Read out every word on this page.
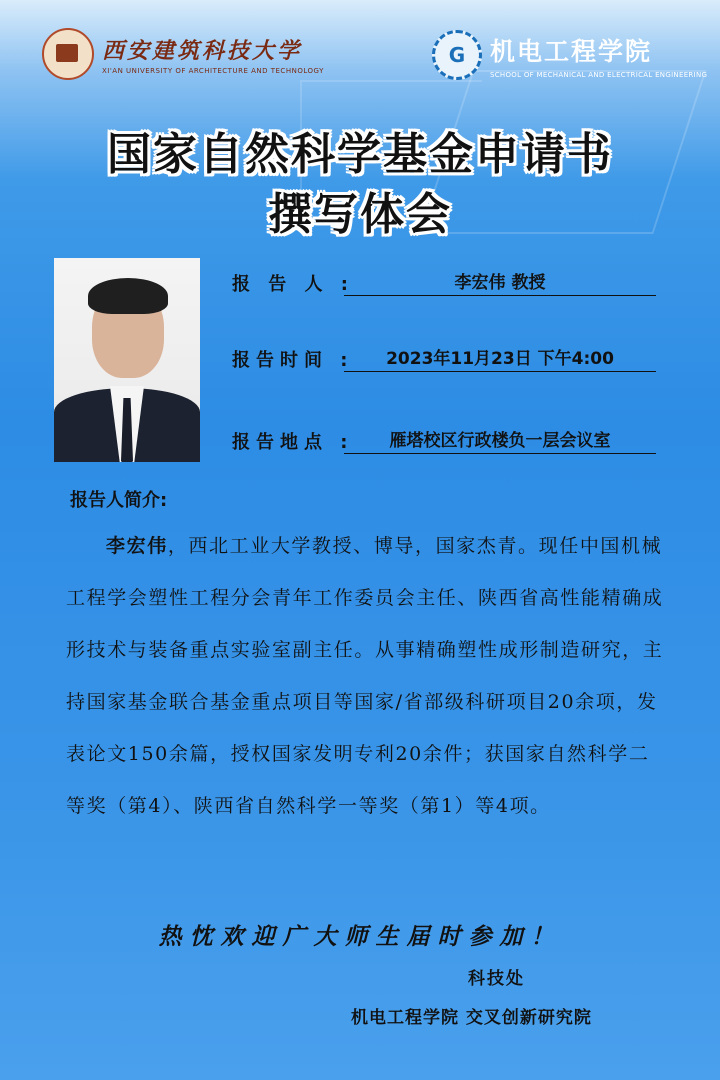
西安建筑科技大学
XI'AN UNIVERSITY OF ARCHITECTURE AND TECHNOLOGY
G 机电工程学院
SCHOOL OF MECHANICAL AND ELECTRICAL ENGINEERING
国家自然科学基金申请书
撰写体会
报 告 人 :	李宏伟 教授
报告时间 :	2023年11月23日 下午4:00
报告地点 :	雁塔校区行政楼负一层会议室
报告人简介:
李宏伟，西北工业大学教授、博导，国家杰青。现任中国机械工程学会塑性工程分会青年工作委员会主任、陕西省高性能精确成形技术与装备重点实验室副主任。从事精确塑性成形制造研究，主持国家基金联合基金重点项目等国家/省部级科研项目20余项，发表论文150余篇，授权国家发明专利20余件；获国家自然科学二等奖（第4）、陕西省自然科学一等奖（第1）等4项。
热忱欢迎广大师生届时参加！
科技处
机电工程学院 交叉创新研究院
